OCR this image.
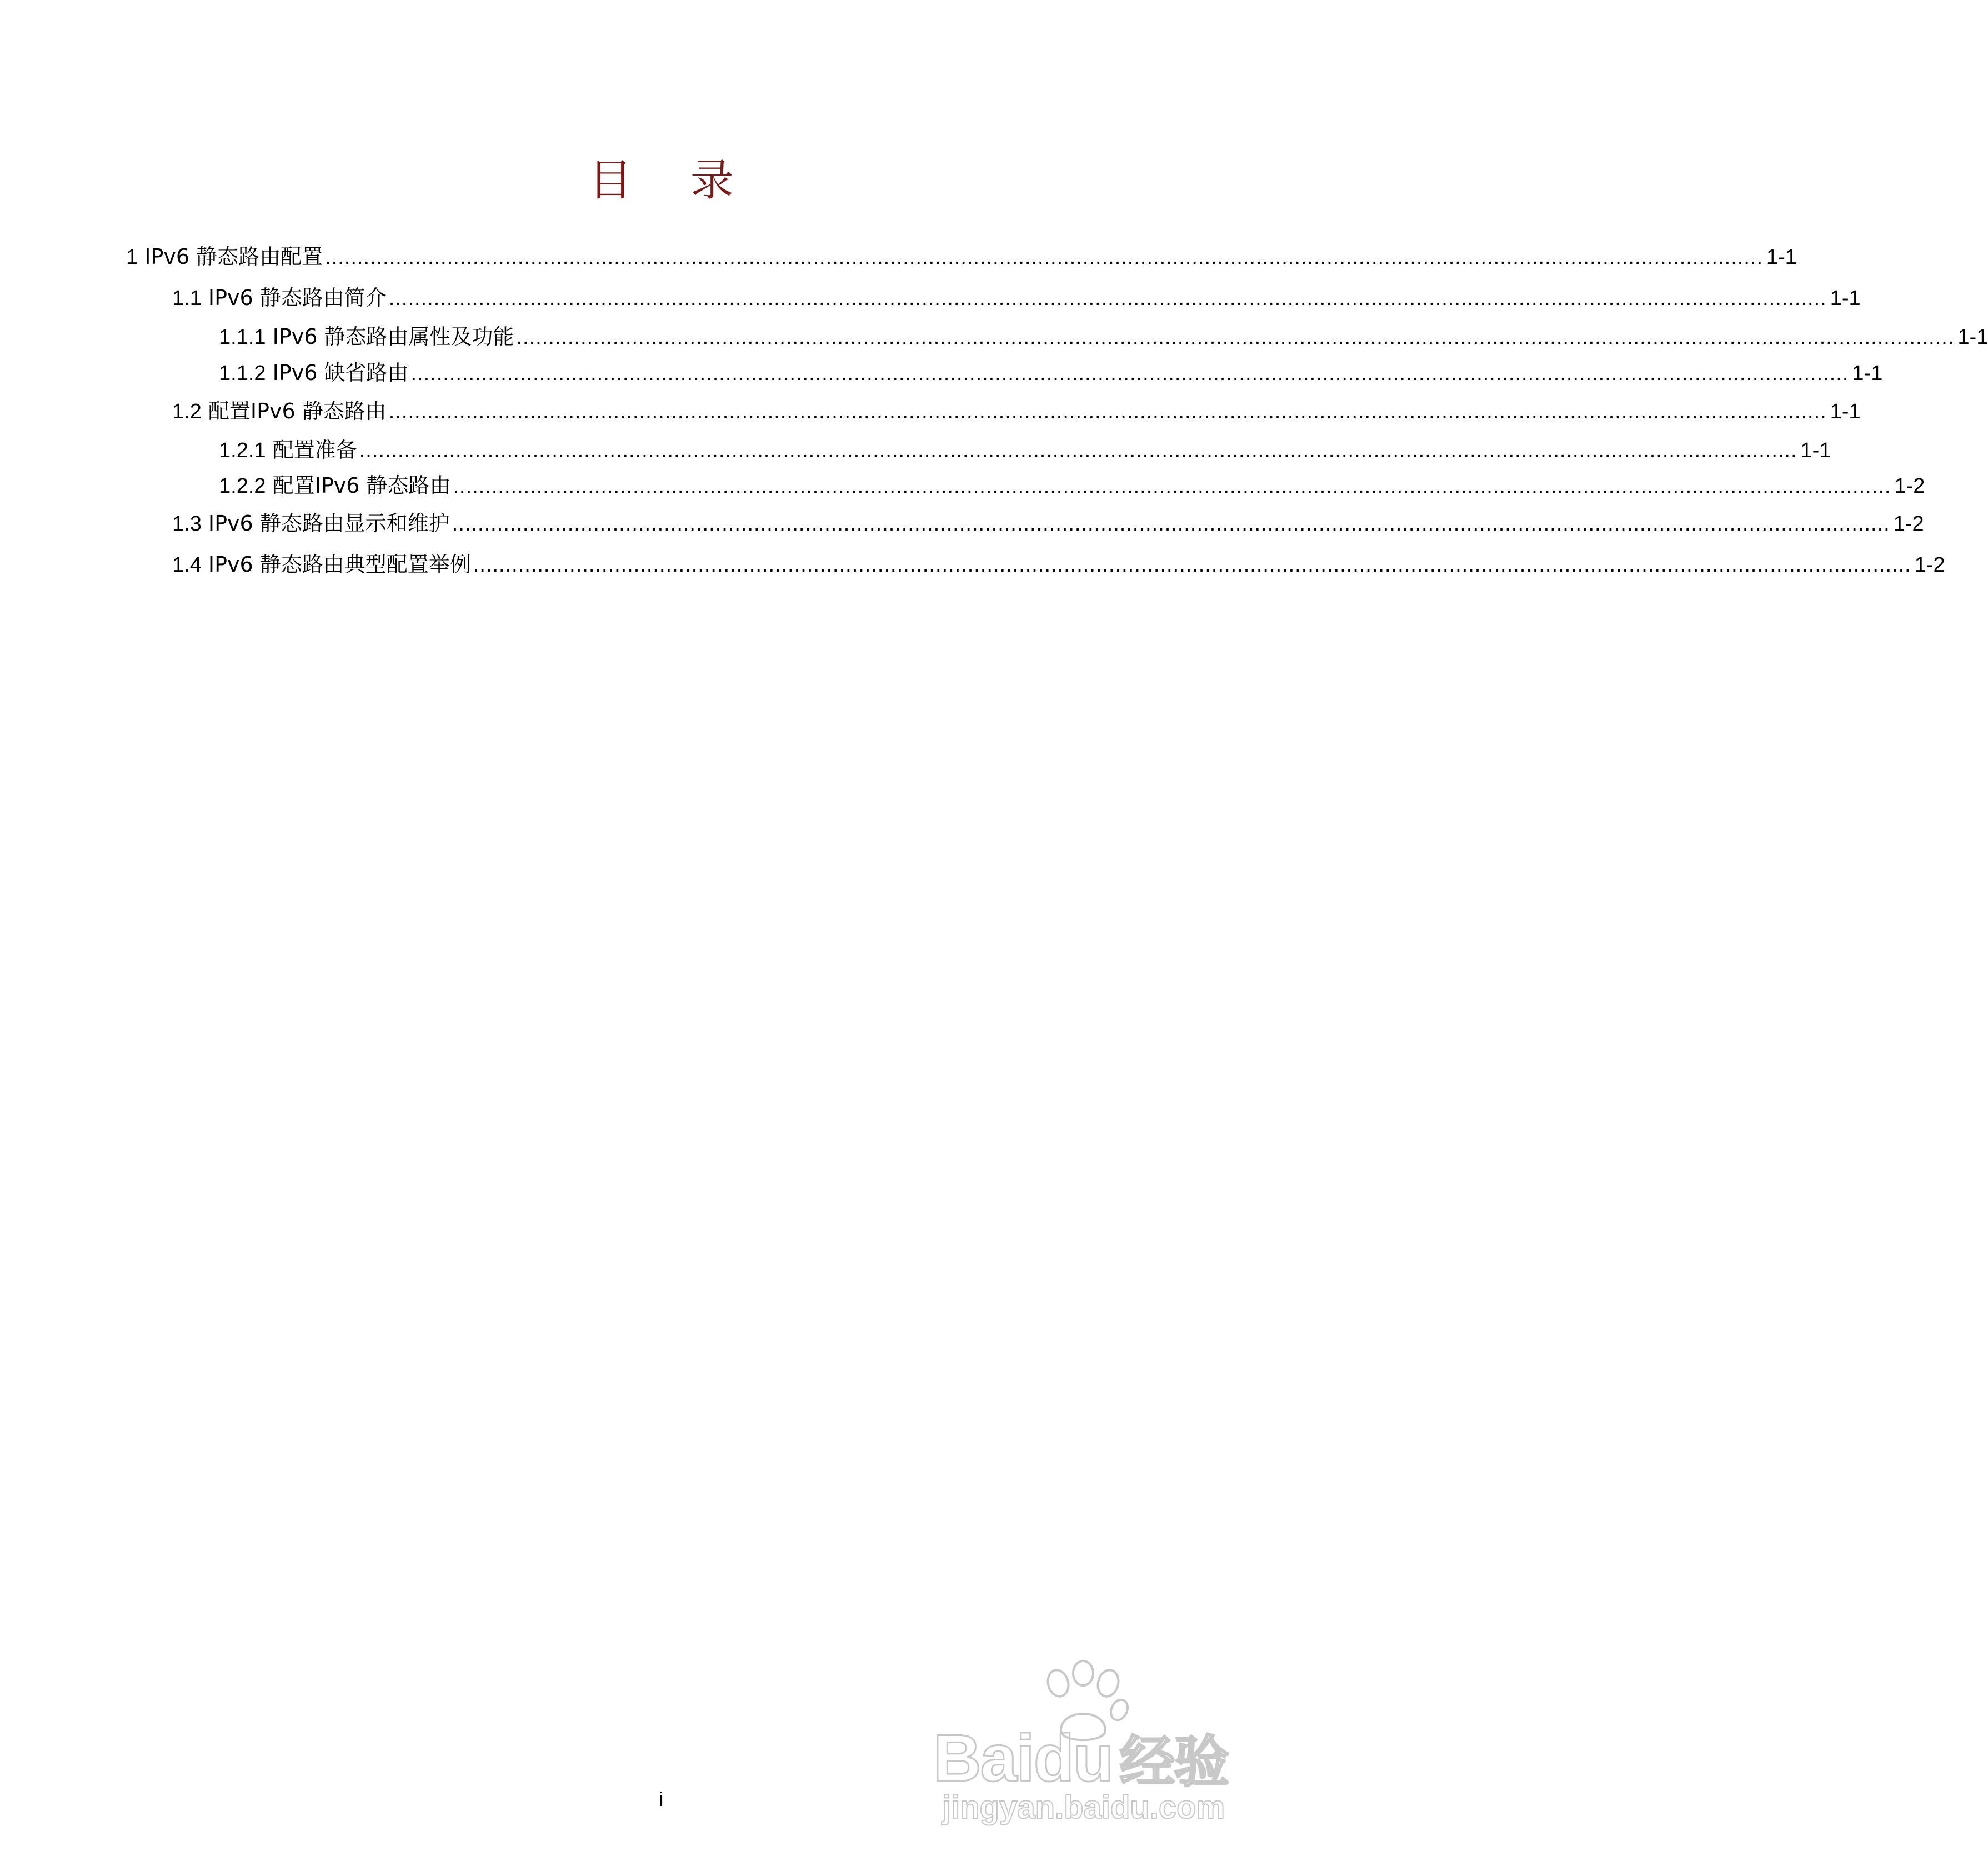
目 录
1 IPv6 静态路由配置 ................................................................................................................................................................................................................................ 1-1
1.1 IPv6 静态路由简介 ................................................................................................................................................................................................................................ 1-1
1.1.1 IPv6 静态路由属性及功能 ................................................................................................................................................................................................................................ 1-1
1.1.2 IPv6 缺省路由 ................................................................................................................................................................................................................................ 1-1
1.2 配置IPv6 静态路由 ................................................................................................................................................................................................................................ 1-1
1.2.1 配置准备 ................................................................................................................................................................................................................................ 1-1
1.2.2 配置IPv6 静态路由 ................................................................................................................................................................................................................................ 1-2
1.3 IPv6 静态路由显示和维护 ................................................................................................................................................................................................................................ 1-2
1.4 IPv6 静态路由典型配置举例 ................................................................................................................................................................................................................................ 1-2
i
Baidu 经验
jingyan.baidu.com
